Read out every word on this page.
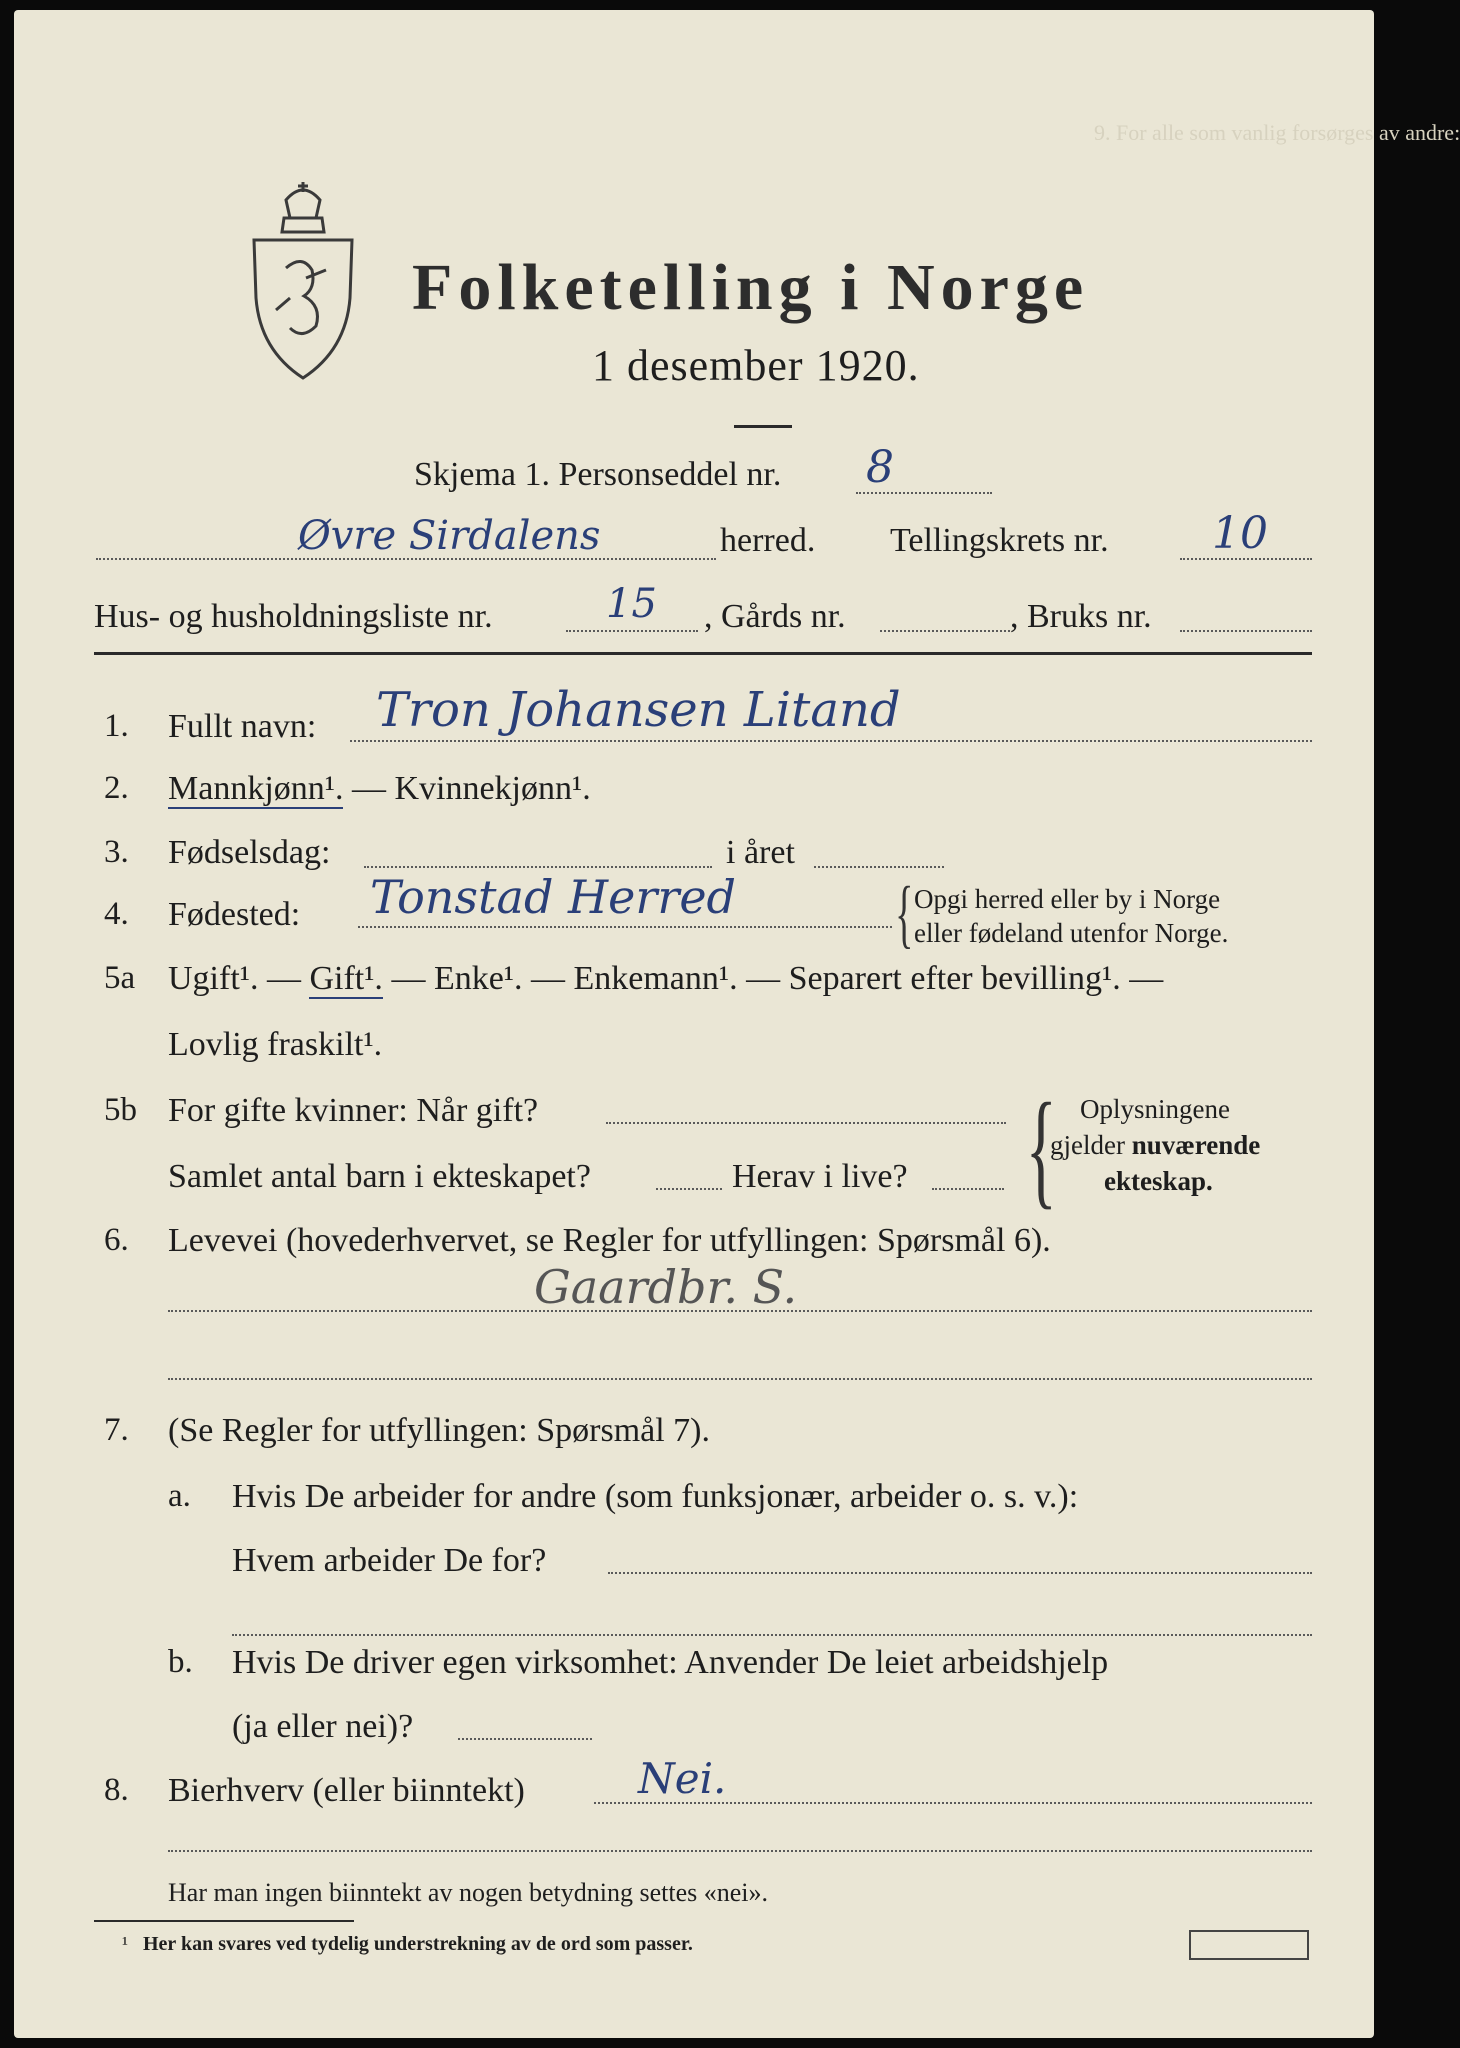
9. For alle som vanlig forsørges av andre:
Folketelling i Norge
1 desember 1920.
Skjema 1. Personseddel nr. 8
Øvre Sirdalens	herred. Tellingskrets nr. 10
Hus- og husholdningsliste nr.	15 , Gårds nr.	, Bruks nr.
1. Fullt navn: Tron Johansen Litand
2. Mannkjønn¹. — Kvinnekjønn¹.
3. Fødselsdag:	i året
4. Fødested: Tonstad Herred { Opgi herred eller by i Norge
eller fødeland utenfor Norge.
5a Ugift¹. — Gift¹. — Enke¹. — Enkemann¹. — Separert efter bevilling¹. —
Lovlig fraskilt¹.
5b For gifte kvinner: Når gift?
Samlet antal barn i ekteskapet?	Herav i live? { Oplysningene
gjelder nuværende
ekteskap.
6. Levevei (hovederhvervet, se Regler for utfyllingen: Spørsmål 6).
Gaardbr. S.
7. (Se Regler for utfyllingen: Spørsmål 7).
a. Hvis De arbeider for andre (som funksjonær, arbeider o. s. v.):
Hvem arbeider De for?
b. Hvis De driver egen virksomhet: Anvender De leiet arbeidshjelp
(ja eller nei)?
8. Bierhverv (eller biinntekt)	Nei.
Har man ingen biinntekt av nogen betydning settes «nei».
¹ Her kan svares ved tydelig understrekning av de ord som passer.
